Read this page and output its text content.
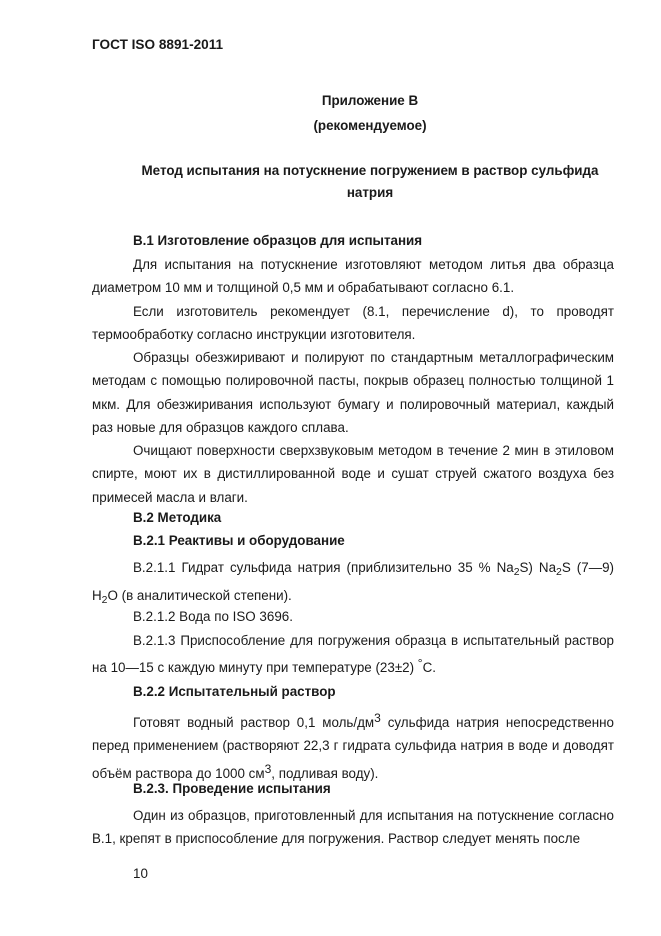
ГОСТ ISO 8891-2011
Приложение В
(рекомендуемое)
Метод испытания на потускнение погружением в раствор сульфида
натрия
В.1 Изготовление образцов для испытания
Для испытания на потускнение изготовляют методом литья два образца диаметром 10 мм и толщиной 0,5 мм и обрабатывают согласно 6.1.
Если изготовитель рекомендует (8.1, перечисление d), то проводят термообработку согласно инструкции изготовителя.
Образцы обезжиривают и полируют по стандартным металлографическим методам с помощью полировочной пасты, покрыв образец полностью толщиной 1 мкм. Для обезжиривания используют бумагу и полировочный материал, каждый раз новые для образцов каждого сплава.
Очищают поверхности сверхзвуковым методом в течение 2 мин в этиловом спирте, моют их в дистиллированной воде и сушат струей сжатого воздуха без примесей масла и влаги.
В.2 Методика
В.2.1 Реактивы и оборудование
В.2.1.1 Гидрат сульфида натрия (приблизительно 35 % $Na_2S$) $Na_2S$ (7—9) $H_2O$ (в аналитической степени).
В.2.1.2 Вода по ISO 3696.
В.2.1.3 Приспособление для погружения образца в испытательный раствор на 10—15 с каждую минуту при температуре (23±2) °С.
В.2.2 Испытательный раствор
Готовят водный раствор 0,1 моль/$дм^3$ сульфида натрия непосредственно перед применением (растворяют 22,3 г гидрата сульфида натрия в воде и доводят объём раствора до 1000 $см^3$, подливая воду).
В.2.3. Проведение испытания
Один из образцов, приготовленный для испытания на потускнение согласно В.1, крепят в приспособление для погружения. Раствор следует менять после
10
